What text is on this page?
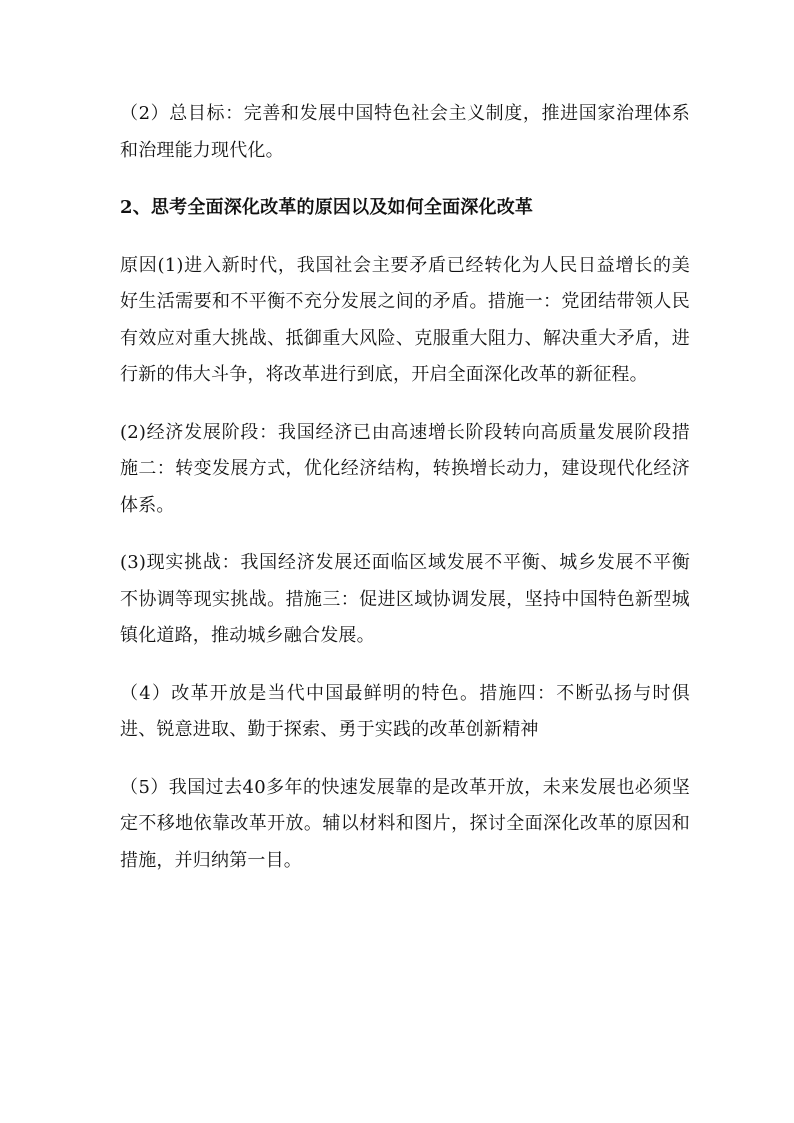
（2）总目标：完善和发展中国特色社会主义制度，推进国家治理体系和治理能力现代化。

2、思考全面深化改革的原因以及如何全面深化改革

原因(1)进入新时代，我国社会主要矛盾已经转化为人民日益增长的美好生活需要和不平衡不充分发展之间的矛盾。措施一：党团结带领人民有效应对重大挑战、抵御重大风险、克服重大阻力、解决重大矛盾，进行新的伟大斗争，将改革进行到底，开启全面深化改革的新征程。

(2)经济发展阶段：我国经济已由高速增长阶段转向高质量发展阶段措施二：转变发展方式，优化经济结构，转换增长动力，建设现代化经济体系。

(3)现实挑战：我国经济发展还面临区域发展不平衡、城乡发展不平衡不协调等现实挑战。措施三：促进区域协调发展，坚持中国特色新型城镇化道路，推动城乡融合发展。

（4）改革开放是当代中国最鲜明的特色。措施四：不断弘扬与时俱进、锐意进取、勤于探索、勇于实践的改革创新精神

（5）我国过去40多年的快速发展靠的是改革开放，未来发展也必须坚定不移地依靠改革开放。辅以材料和图片，探讨全面深化改革的原因和措施，并归纳第一目。
